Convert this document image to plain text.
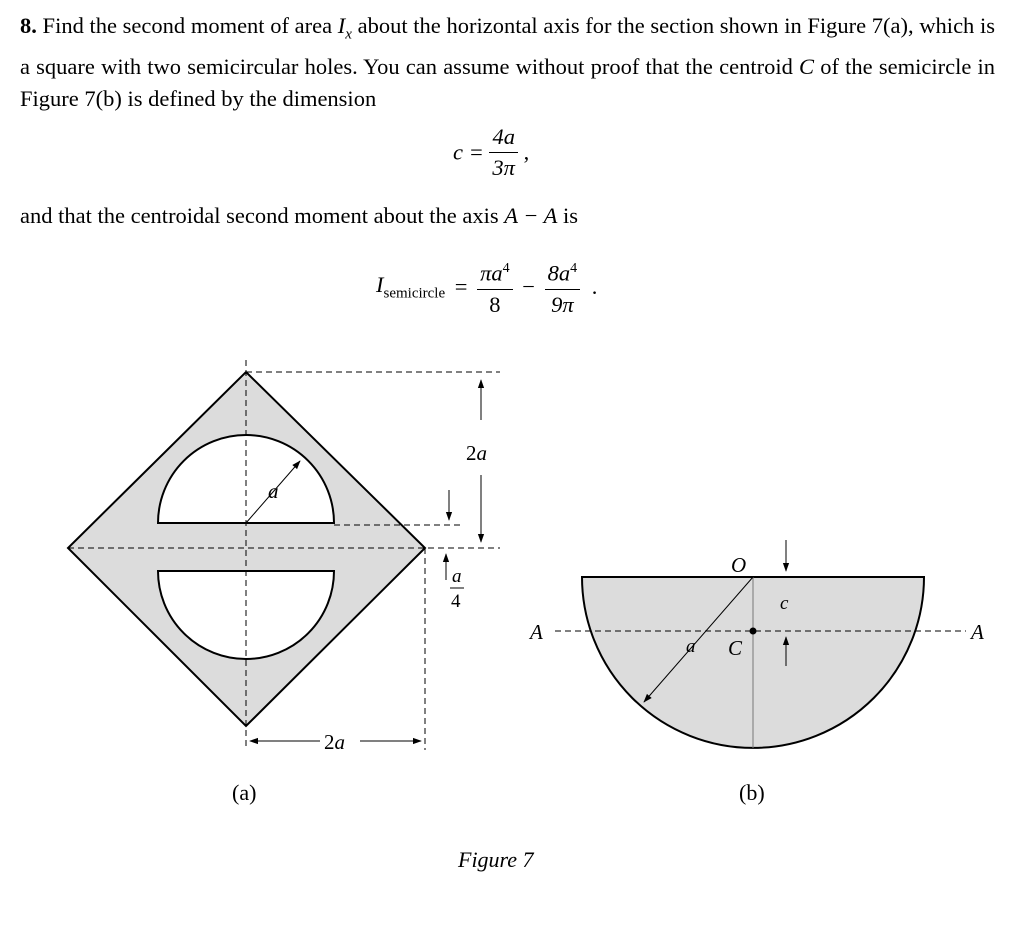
8. Find the second moment of area $I_x$ about the horizontal axis for the section shown in Figure 7(a), which is a square with two semicircular holes. You can assume without proof that the centroid C of the semicircle in Figure 7(b) is defined by the dimension
$c = \frac{4a}{3\pi}$ ,
and that the centroidal second moment about the axis A − A is
$I_{semicircle} = \frac{\pi a^4}{8} - \frac{8a^4}{9\pi}$ .
a
2a
a
4
2a
(a)
O
C
c
a
A	A
(b)
Figure 7
